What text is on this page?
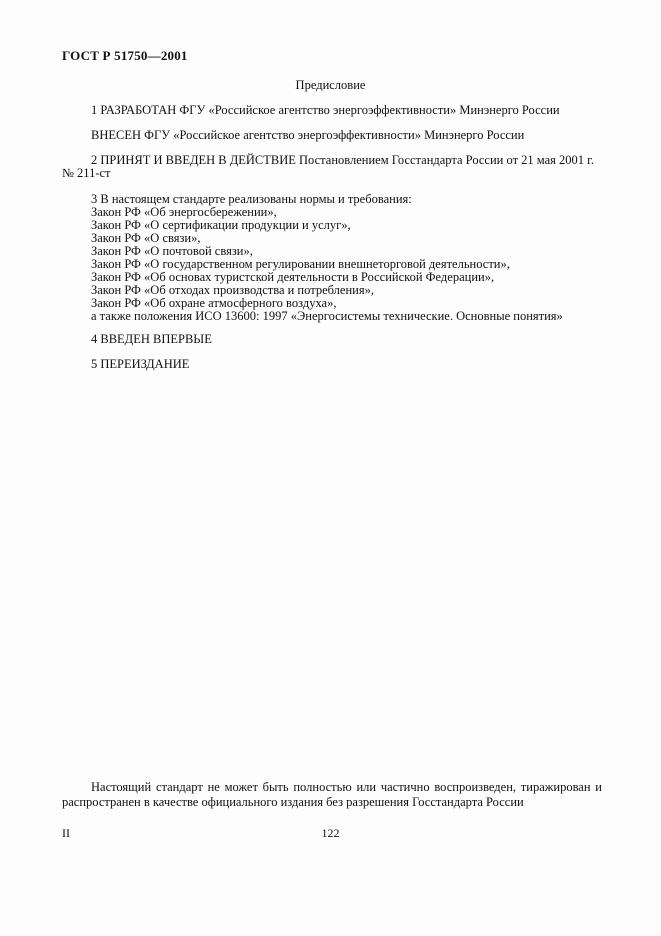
ГОСТ Р 51750—2001
Предисловие
1 РАЗРАБОТАН ФГУ «Российское агентство энергоэффективности» Минэнерго России
ВНЕСЕН ФГУ «Российское агентство энергоэффективности» Минэнерго России
2 ПРИНЯТ И ВВЕДЕН В ДЕЙСТВИЕ Постановлением Госстандарта России от 21 мая 2001 г.
№ 211-ст
3 В настоящем стандарте реализованы нормы и требования:
Закон РФ «Об энергосбережении»,
Закон РФ «О сертификации продукции и услуг»,
Закон РФ «О связи»,
Закон РФ «О почтовой связи»,
Закон РФ «О государственном регулировании внешнеторговой деятельности»,
Закон РФ «Об основах туристской деятельности в Российской Федерации»,
Закон РФ «Об отходах производства и потребления»,
Закон РФ «Об охране атмосферного воздуха»,
а также положения ИСО 13600: 1997 «Энергосистемы технические. Основные понятия»
4 ВВЕДЕН ВПЕРВЫЕ
5 ПЕРЕИЗДАНИЕ
Настоящий стандарт не может быть полностью или частично воспроизведен, тиражирован и
распространен в качестве официального издания без разрешения Госстандарта России
II	122
